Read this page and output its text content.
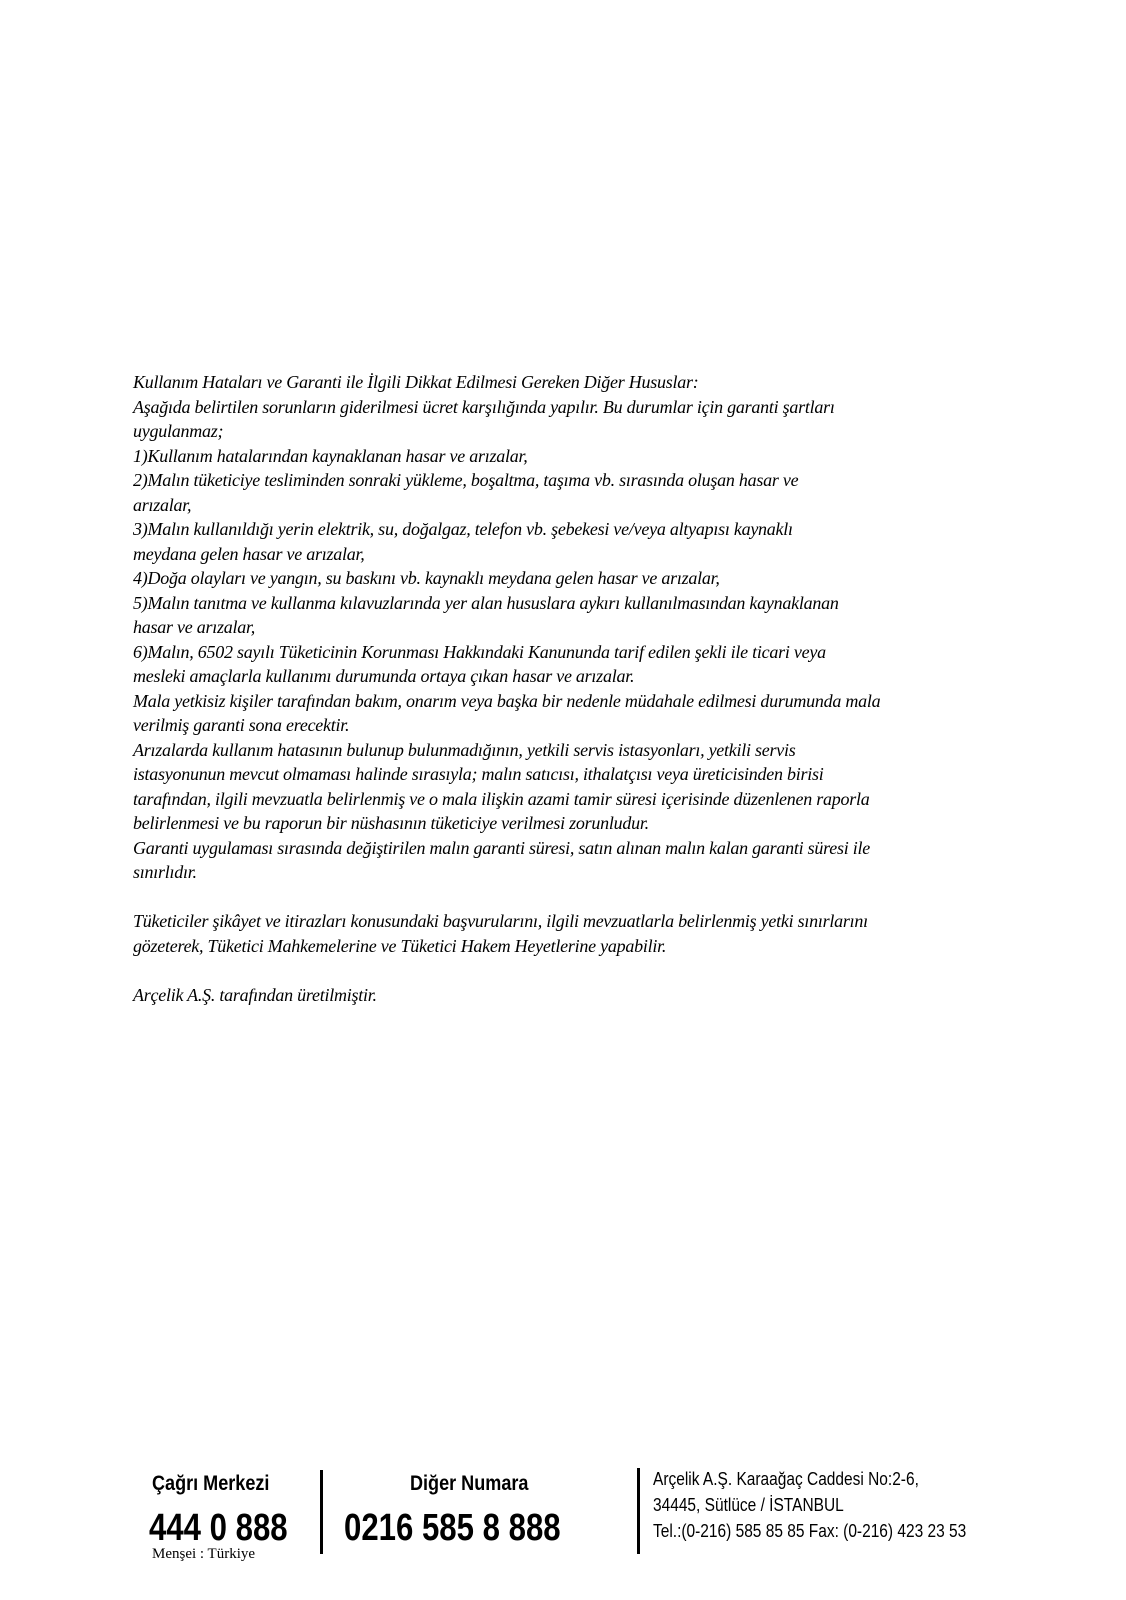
Kullanım Hataları ve Garanti ile İlgili Dikkat Edilmesi Gereken Diğer Hususlar:

Aşağıda belirtilen sorunların giderilmesi ücret karşılığında yapılır. Bu durumlar için garanti şartları

uygulanmaz;

1)Kullanım hatalarından kaynaklanan hasar ve arızalar,

2)Malın tüketiciye tesliminden sonraki yükleme, boşaltma, taşıma vb. sırasında oluşan hasar ve

arızalar,

3)Malın kullanıldığı yerin elektrik, su, doğalgaz, telefon vb. şebekesi ve/veya altyapısı kaynaklı

meydana gelen hasar ve arızalar,

4)Doğa olayları ve yangın, su baskını vb. kaynaklı meydana gelen hasar ve arızalar,

5)Malın tanıtma ve kullanma kılavuzlarında yer alan hususlara aykırı kullanılmasından kaynaklanan

hasar ve arızalar,

6)Malın, 6502 sayılı Tüketicinin Korunması Hakkındaki Kanununda tarif edilen şekli ile ticari veya

mesleki amaçlarla kullanımı durumunda ortaya çıkan hasar ve arızalar.

Mala yetkisiz kişiler tarafından bakım, onarım veya başka bir nedenle müdahale edilmesi durumunda mala

verilmiş garanti sona erecektir.

Arızalarda kullanım hatasının bulunup bulunmadığının, yetkili servis istasyonları, yetkili servis

istasyonunun mevcut olmaması halinde sırasıyla; malın satıcısı, ithalatçısı veya üreticisinden birisi

tarafından, ilgili mevzuatla belirlenmiş ve o mala ilişkin azami tamir süresi içerisinde düzenlenen raporla

belirlenmesi ve bu raporun bir nüshasının tüketiciye verilmesi zorunludur.

Garanti uygulaması sırasında değiştirilen malın garanti süresi, satın alınan malın kalan garanti süresi ile

sınırlıdır.

Tüketiciler şikâyet ve itirazları konusundaki başvurularını, ilgili mevzuatlarla belirlenmiş yetki sınırlarını

gözeterek, Tüketici Mahkemelerine ve Tüketici Hakem Heyetlerine yapabilir.

Arçelik A.Ş. tarafından üretilmiştir.

Çağrı Merkezi
444 0 888
Diğer Numara
0216 585 8 888
Arçelik A.Ş. Karaağaç Caddesi No:2-6,
34445, Sütlüce / İSTANBUL
Tel.:(0-216) 585 85 85 Fax: (0-216) 423 23 53
Menşei : Türkiye
